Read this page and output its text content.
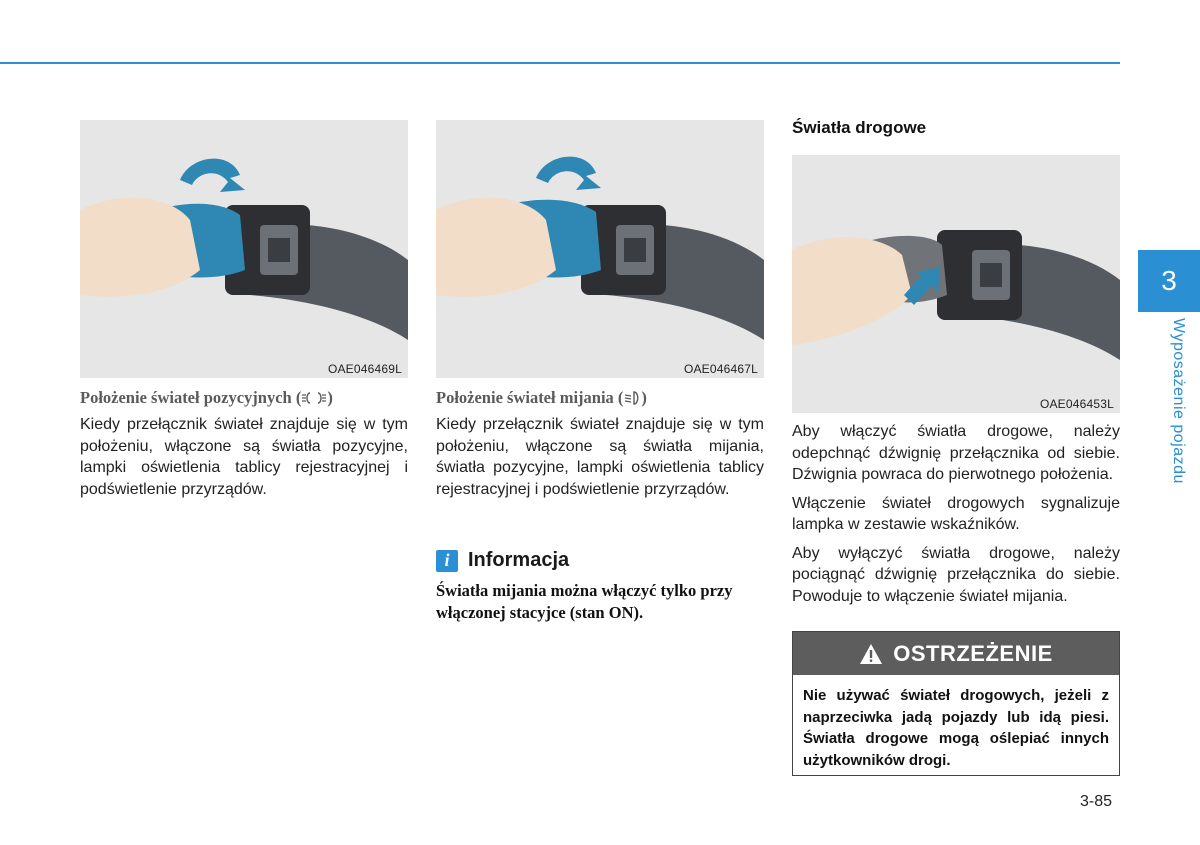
OAE046469L
Położenie świateł pozycyjnych ( )
Kiedy przełącznik świateł znajduje się w tym położeniu, włączone są światła pozycyjne, lampki oświetlenia tablicy rejestracyjnej i podświetlenie przyrządów.
OAE046467L
Położenie świateł mijania ( )
Kiedy przełącznik świateł znajduje się w tym położeniu, włączone są światła mijania, światła pozycyjne, lampki oświetlenia tablicy rejestracyjnej i podświetlenie przyrządów.
i Informacja
Światła mijania można włączyć tylko przy włączonej stacyjce (stan ON).
Światła drogowe
OAE046453L

Aby włączyć światła drogowe, należy odepchnąć dźwignię przełącznika od siebie. Dźwignia powraca do pierwotnego położenia.

Włączenie świateł drogowych sygnalizuje lampka w zestawie wskaźników.

Aby wyłączyć światła drogowe, należy pociągnąć dźwignię przełącznika do siebie. Powoduje to włączenie świateł mijania.

OSTRZEŻENIE
Nie używać świateł drogowych, jeżeli z naprzeciwka jadą pojazdy lub idą piesi. Światła drogowe mogą oślepiać innych użytkowników drogi.
3
Wyposażenie pojazdu
3-85
